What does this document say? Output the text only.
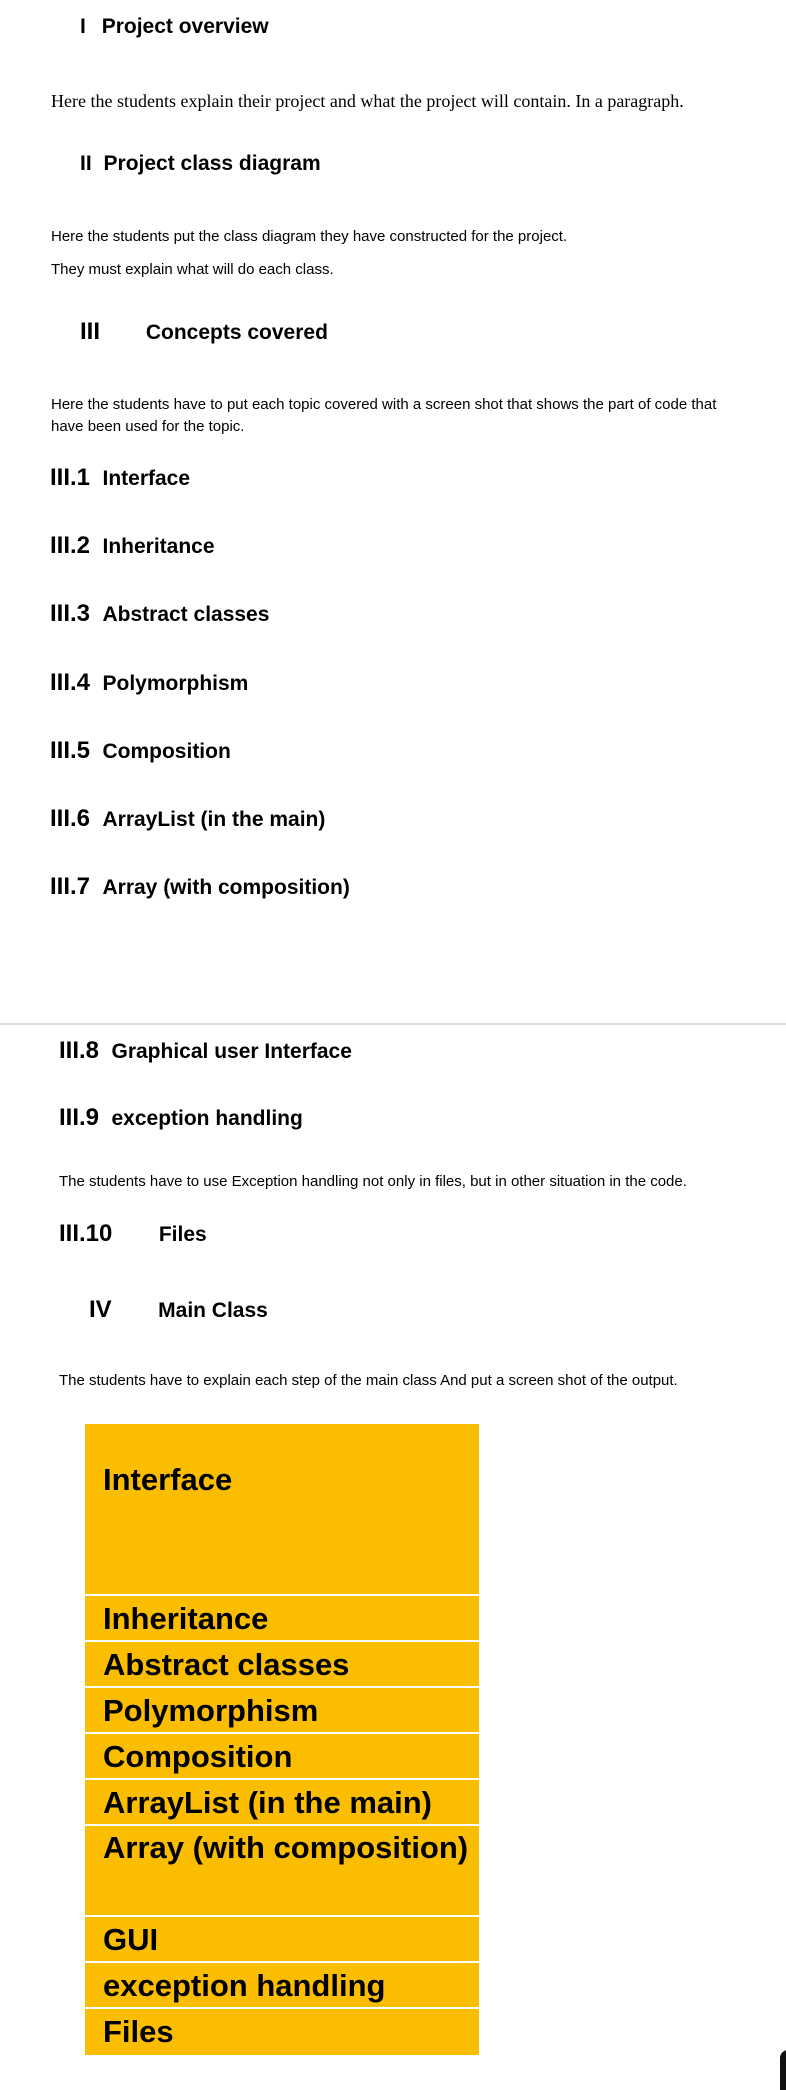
I Project overview
Here the students explain their project and what the project will contain. In a paragraph.
II Project class diagram
Here the students put the class diagram they have constructed for the project.
They must explain what will do each class.
III Concepts covered
Here the students have to put each topic covered with a screen shot that shows the part of code that have been used for the topic.
III.1 Interface
III.2 Inheritance
III.3 Abstract classes
III.4 Polymorphism
III.5 Composition
III.6 ArrayList (in the main)
III.7 Array (with composition)
III.8 Graphical user Interface
III.9 exception handling
The students have to use Exception handling not only in files, but in other situation in the code.
III.10 Files
IV Main Class
The students have to explain each step of the main class And put a screen shot of the output.
Interface
Inheritance
Abstract classes
Polymorphism
Composition
ArrayList (in the main)
Array (with composition)
GUI
exception handling
Files
